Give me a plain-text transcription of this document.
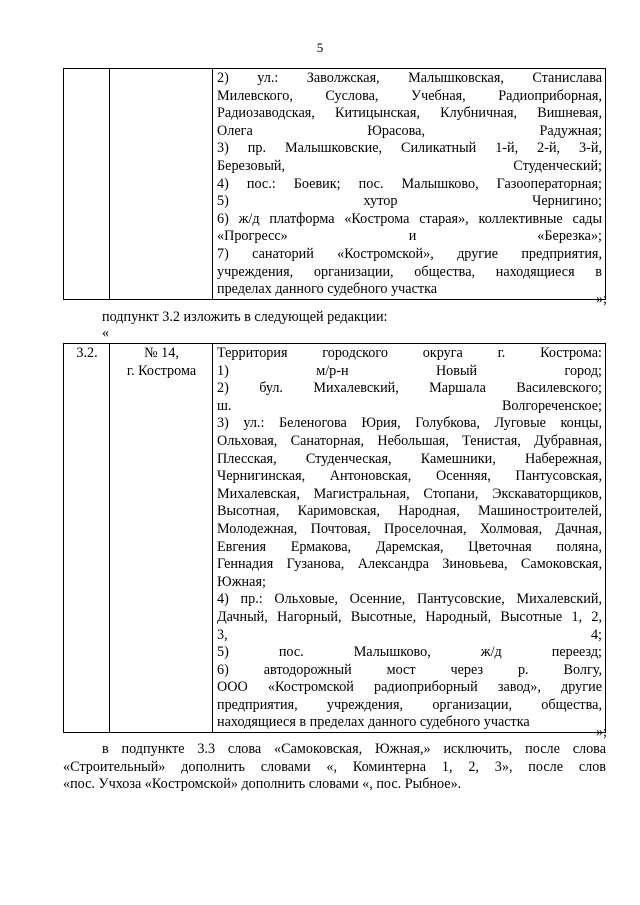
5

2) ул.: Заволжская, Малышковская, Станислава
Милевского, Суслова, Учебная, Радиоприборная,
Радиозаводская, Китицынская, Клубничная, Вишневая,
Олега Юрасова, Радужная;
3) пр. Малышковские, Силикатный 1-й, 2-й, 3-й,
Березовый, Студенческий;
4) пос.: Боевик; пос. Малышково, Газооператорная;
5) хутор Чернигино;
6) ж/д платформа «Кострома старая», коллективные сады
«Прогресс» и «Березка»;
7) санаторий «Костромской», другие предприятия,
учреждения, организации, общества, находящиеся в
пределах данного судебного участка
»;
подпункт 3.2 изложить в следующей редакции:
«
3.2.	№ 14,
г. Кострома

Территория городского округа г. Кострома:
1) м/р-н Новый город;
2) бул. Михалевский, Маршала Василевского;
ш. Волгореченское;
3) ул.: Беленогова Юрия, Голубкова, Луговые концы,
Ольховая, Санаторная, Небольшая, Тенистая, Дубравная,
Плесская, Студенческая, Камешники, Набережная,
Чернигинская, Антоновская, Осенняя, Пантусовская,
Михалевская, Магистральная, Стопани, Экскаваторщиков,
Высотная, Каримовская, Народная, Машиностроителей,
Молодежная, Почтовая, Проселочная, Холмовая, Дачная,
Евгения Ермакова, Даремская, Цветочная поляна,
Геннадия Гузанова, Александра Зиновьева, Самоковская,
Южная;
4) пр.: Ольховые, Осенние, Пантусовские, Михалевский,
Дачный, Нагорный, Высотные, Народный, Высотные 1, 2,
3, 4;
5) пос. Малышково, ж/д переезд;
6) автодорожный мост через р. Волгу,
ООО «Костромской радиоприборный завод», другие
предприятия, учреждения, организации, общества,
находящиеся в пределах данного судебного участка
»;
в подпункте 3.3 слова «Самоковская, Южная,» исключить, после слова
«Строительный» дополнить словами «, Коминтерна 1, 2, 3», после слов
«пос. Учхоза «Костромской» дополнить словами «, пос. Рыбное».
